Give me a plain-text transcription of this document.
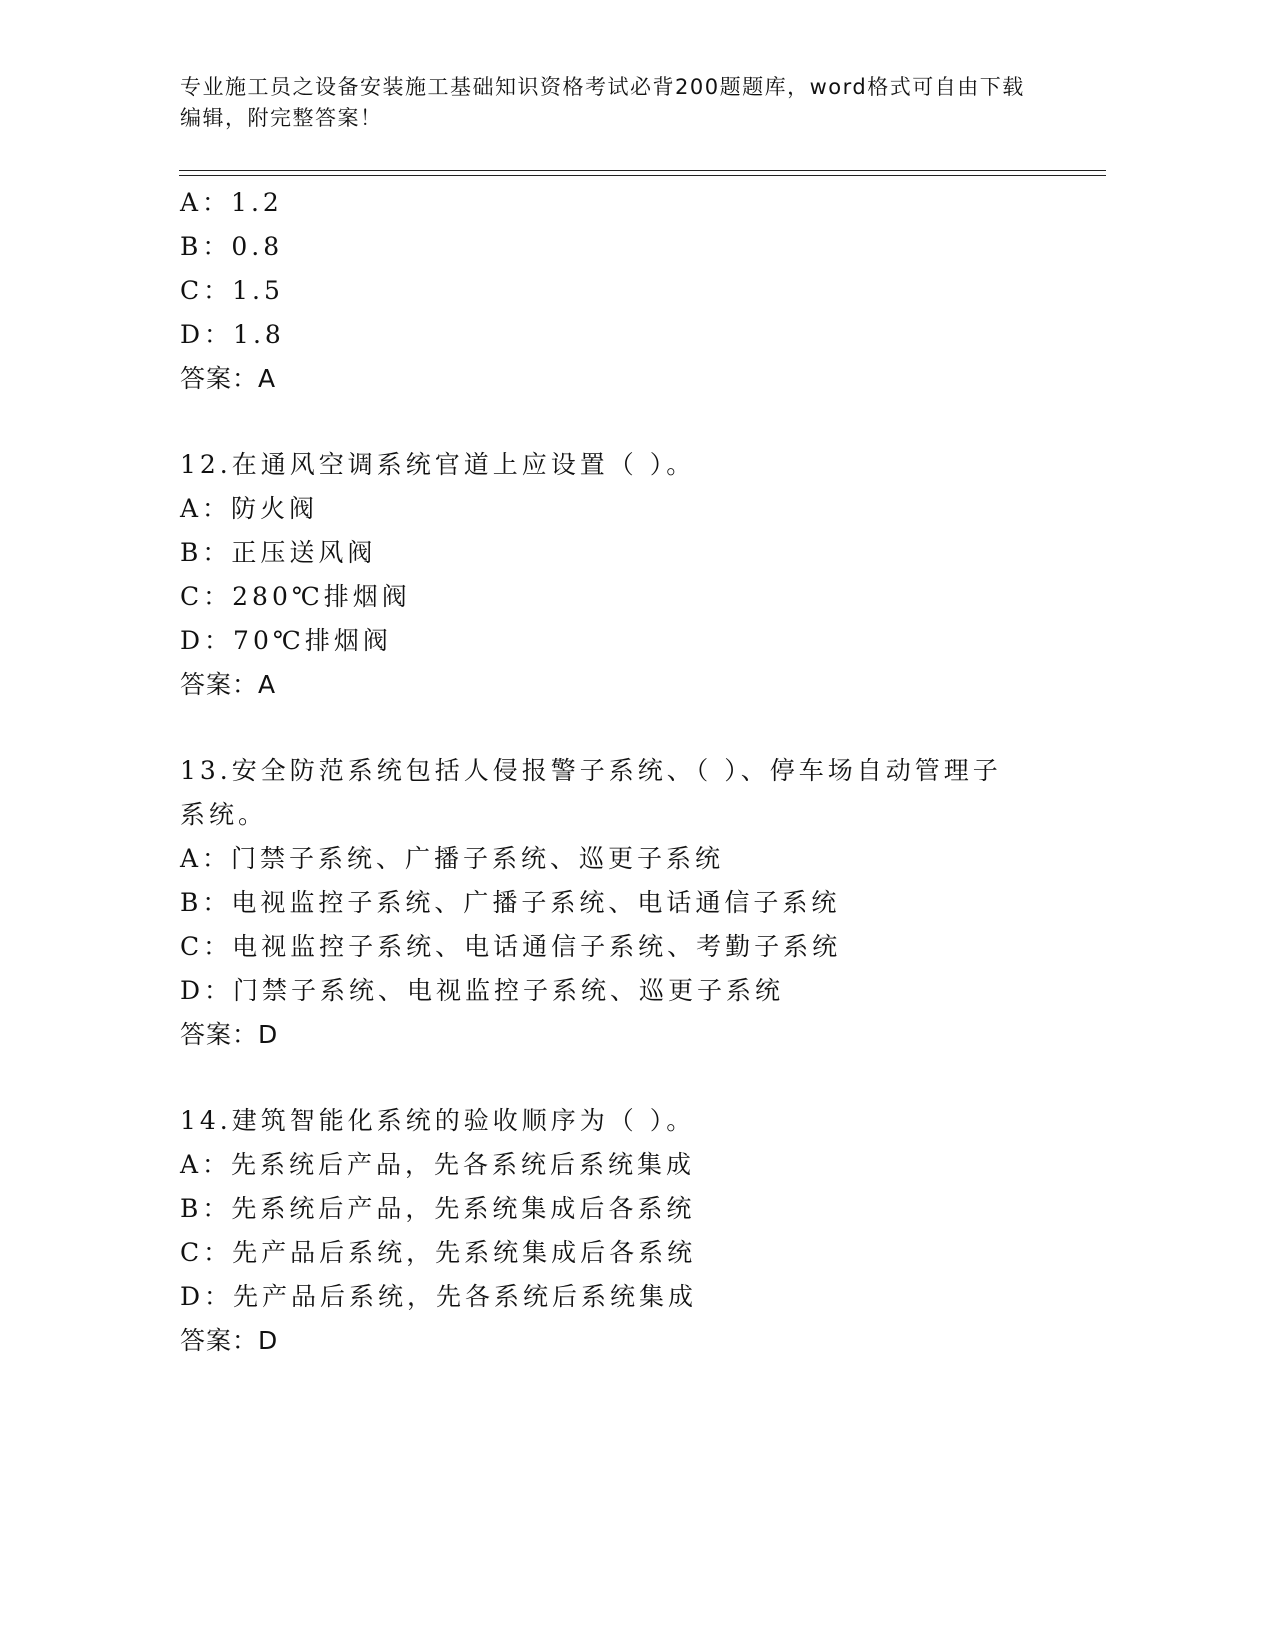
专业施工员之设备安装施工基础知识资格考试必背200题题库，word格式可自由下载编辑，附完整答案！
A：1.2
B：0.8
C：1.5
D：1.8
答案：A
12.在通风空调系统官道上应设置（ ）。
A：防火阀
B：正压送风阀
C：280℃排烟阀
D：70℃排烟阀
答案：A
13.安全防范系统包括人侵报警子系统、（ ）、停车场自动管理子系统。
A：门禁子系统、广播子系统、巡更子系统
B：电视监控子系统、广播子系统、电话通信子系统
C：电视监控子系统、电话通信子系统、考勤子系统
D：门禁子系统、电视监控子系统、巡更子系统
答案：D
14.建筑智能化系统的验收顺序为（ ）。
A：先系统后产品，先各系统后系统集成
B：先系统后产品，先系统集成后各系统
C：先产品后系统，先系统集成后各系统
D：先产品后系统，先各系统后系统集成
答案：D
